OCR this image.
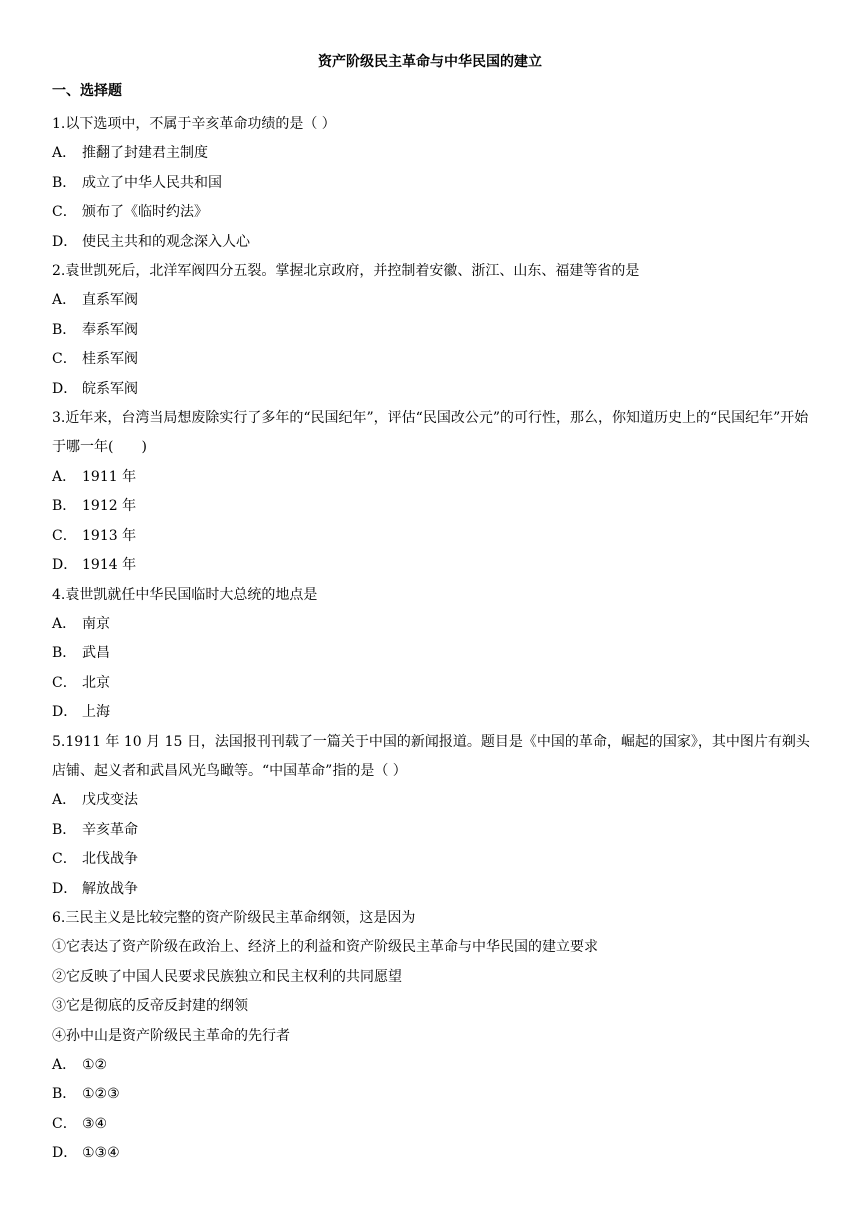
资产阶级民主革命与中华民国的建立
一、选择题
1.以下选项中，不属于辛亥革命功绩的是（ ）
A． 推翻了封建君主制度
B． 成立了中华人民共和国
C． 颁布了《临时约法》
D． 使民主共和的观念深入人心
2.袁世凯死后，北洋军阀四分五裂。掌握北京政府，并控制着安徽、浙江、山东、福建等省的是
A． 直系军阀
B． 奉系军阀
C． 桂系军阀
D． 皖系军阀
3.近年来，台湾当局想废除实行了多年的“民国纪年”，评估“民国改公元”的可行性，那么，你知道历史上的“民国纪年”开始于哪一年(　　)
A． 1911 年
B． 1912 年
C． 1913 年
D． 1914 年
4.袁世凯就任中华民国临时大总统的地点是
A． 南京
B． 武昌
C． 北京
D． 上海
5.1911 年 10 月 15 日，法国报刊刊载了一篇关于中国的新闻报道。题目是《中国的革命，崛起的国家》，其中图片有剃头店铺、起义者和武昌风光鸟瞰等。“中国革命”指的是（ ）
A． 戊戌变法
B． 辛亥革命
C． 北伐战争
D． 解放战争
6.三民主义是比较完整的资产阶级民主革命纲领，这是因为
①它表达了资产阶级在政治上、经济上的利益和资产阶级民主革命与中华民国的建立要求
②它反映了中国人民要求民族独立和民主权利的共同愿望
③它是彻底的反帝反封建的纲领
④孙中山是资产阶级民主革命的先行者
A． ①②
B． ①②③
C． ③④
D． ①③④
